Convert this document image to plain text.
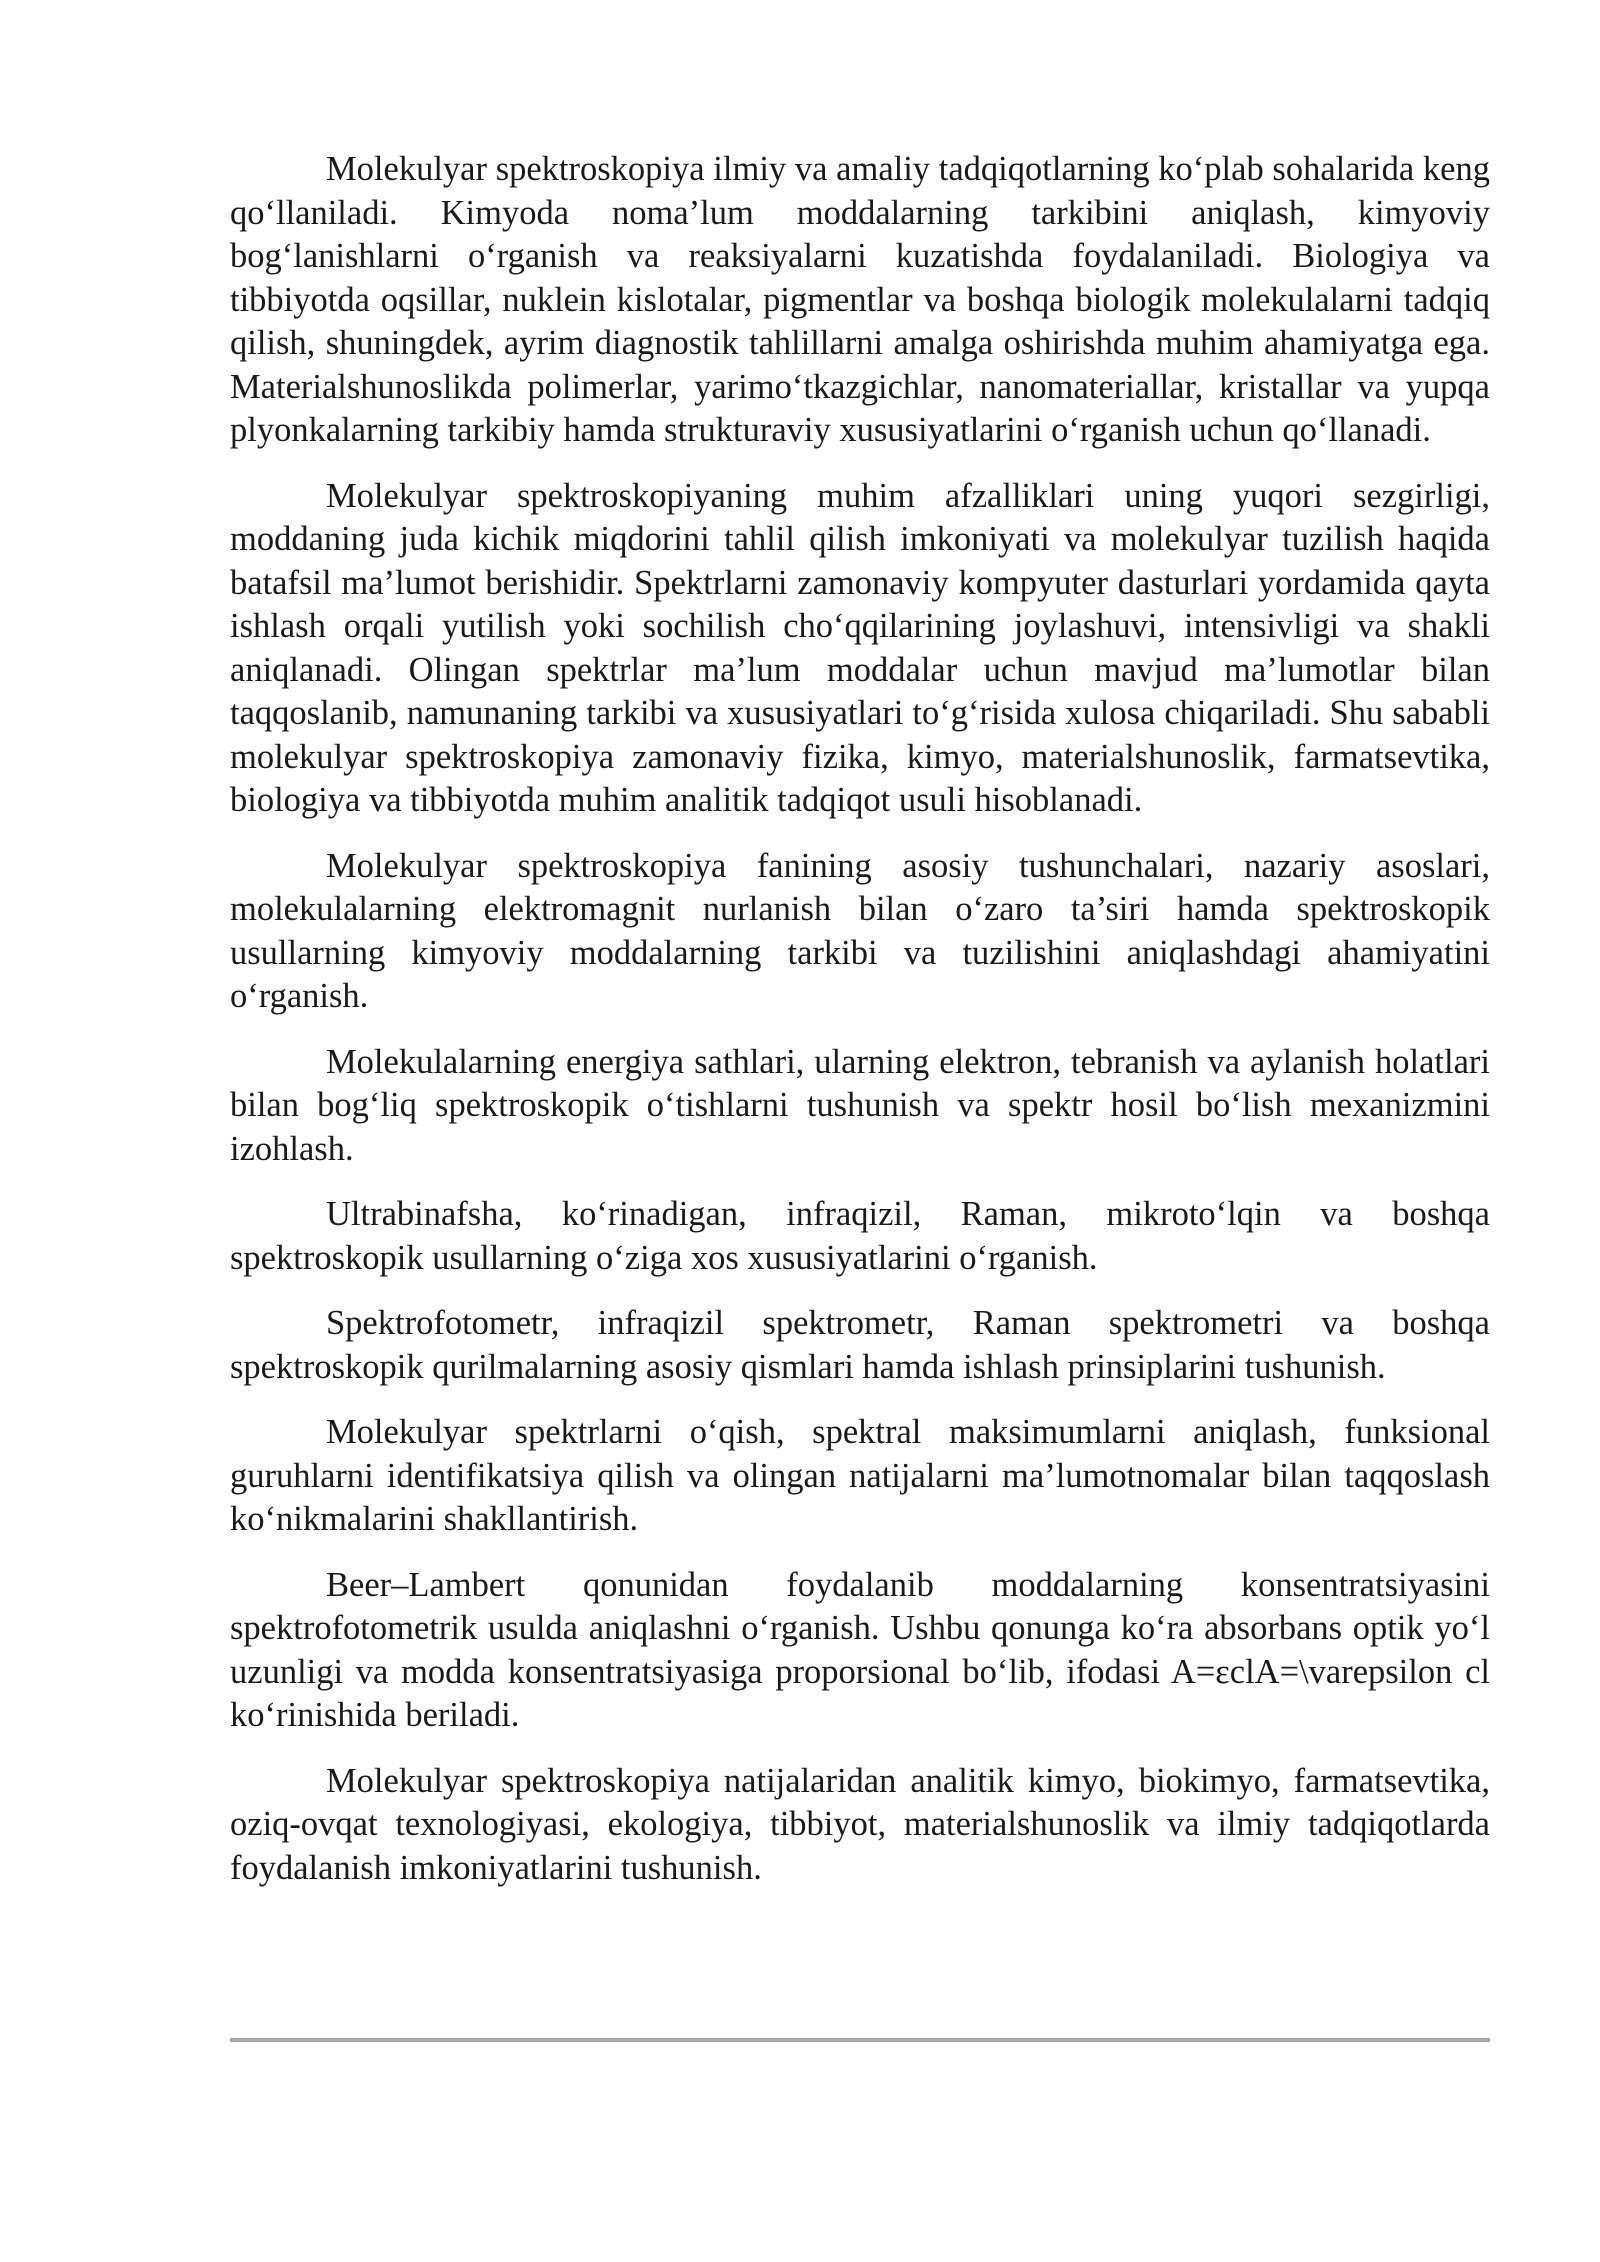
Molekulyar spektroskopiya ilmiy va amaliy tadqiqotlarning ko‘plab sohalarida keng qo‘llaniladi. Kimyoda noma’lum moddalarning tarkibini aniqlash, kimyoviy bog‘lanishlarni o‘rganish va reaksiyalarni kuzatishda foydalaniladi. Biologiya va tibbiyotda oqsillar, nuklein kislotalar, pigmentlar va boshqa biologik molekulalarni tadqiq qilish, shuningdek, ayrim diagnostik tahlillarni amalga oshirishda muhim ahamiyatga ega. Materialshunoslikda polimerlar, yarimo‘tkazgichlar, nanomateriallar, kristallar va yupqa plyonkalarning tarkibiy hamda strukturaviy xususiyatlarini o‘rganish uchun qo‘llanadi.

Molekulyar spektroskopiyaning muhim afzalliklari uning yuqori sezgirligi, moddaning juda kichik miqdorini tahlil qilish imkoniyati va molekulyar tuzilish haqida batafsil ma’lumot berishidir. Spektrlarni zamonaviy kompyuter dasturlari yordamida qayta ishlash orqali yutilish yoki sochilish cho‘qqilarining joylashuvi, intensivligi va shakli aniqlanadi. Olingan spektrlar ma’lum moddalar uchun mavjud ma’lumotlar bilan taqqoslanib, namunaning tarkibi va xususiyatlari to‘g‘risida xulosa chiqariladi. Shu sababli molekulyar spektroskopiya zamonaviy fizika, kimyo, materialshunoslik, farmatsevtika, biologiya va tibbiyotda muhim analitik tadqiqot usuli hisoblanadi.

Molekulyar spektroskopiya fanining asosiy tushunchalari, nazariy asoslari, molekulalarning elektromagnit nurlanish bilan o‘zaro ta’siri hamda spektroskopik usullarning kimyoviy moddalarning tarkibi va tuzilishini aniqlashdagi ahamiyatini o‘rganish.

Molekulalarning energiya sathlari, ularning elektron, tebranish va aylanish holatlari bilan bog‘liq spektroskopik o‘tishlarni tushunish va spektr hosil bo‘lish mexanizmini izohlash.

Ultrabinafsha, ko‘rinadigan, infraqizil, Raman, mikroto‘lqin va boshqa spektroskopik usullarning o‘ziga xos xususiyatlarini o‘rganish.

Spektrofotometr, infraqizil spektrometr, Raman spektrometri va boshqa spektroskopik qurilmalarning asosiy qismlari hamda ishlash prinsiplarini tushunish.

Molekulyar spektrlarni o‘qish, spektral maksimumlarni aniqlash, funksional guruhlarni identifikatsiya qilish va olingan natijalarni ma’lumotnomalar bilan taqqoslash ko‘nikmalarini shakllantirish.

Beer–Lambert qonunidan foydalanib moddalarning konsentratsiyasini spektrofotometrik usulda aniqlashni o‘rganish. Ushbu qonunga ko‘ra absorbans optik yo‘l uzunligi va modda konsentratsiyasiga proporsional bo‘lib, ifodasi A=εclA=\varepsilon cl ko‘rinishida beriladi.

Molekulyar spektroskopiya natijalaridan analitik kimyo, biokimyo, farmatsevtika, oziq-ovqat texnologiyasi, ekologiya, tibbiyot, materialshunoslik va ilmiy tadqiqotlarda foydalanish imkoniyatlarini tushunish.
